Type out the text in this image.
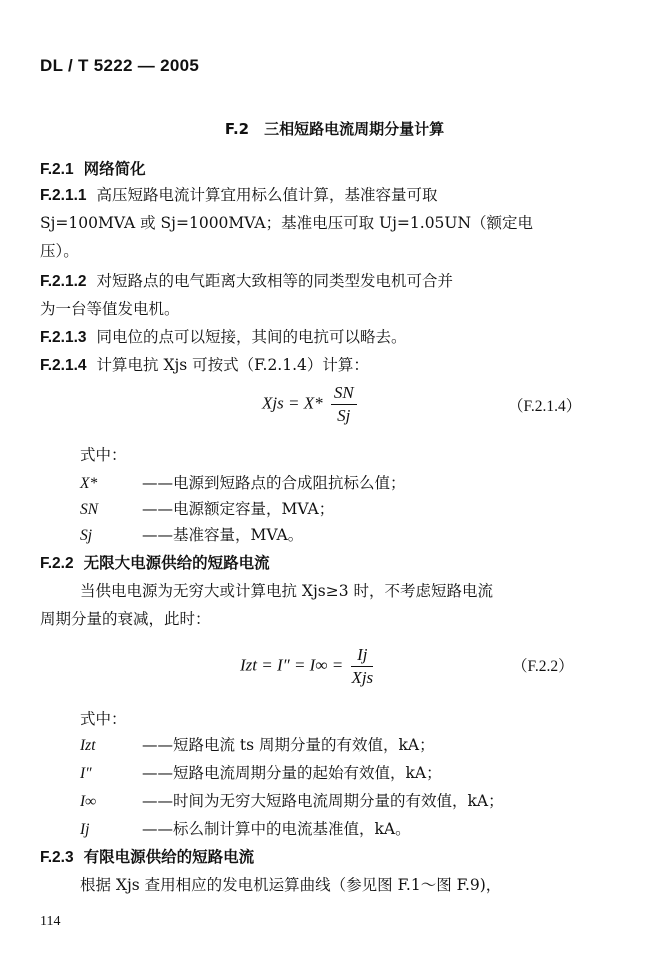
DL / T 5222 — 2005
F.2　三相短路电流周期分量计算
F.2.1 网络简化
F.2.1.1 高压短路电流计算宜用标么值计算，基准容量可取
Sj=100MVA 或 Sj=1000MVA；基准电压可取 Uj=1.05UN（额定电
压）。
F.2.1.2 对短路点的电气距离大致相等的同类型发电机可合并
为一台等值发电机。
F.2.1.3 同电位的点可以短接，其间的电抗可以略去。
F.2.1.4 计算电抗 Xjs 可按式（F.2.1.4）计算：
Xjs = $X* \frac{SN}{Sj}$	（F.2.1.4）
式中：
X*	——电源到短路点的合成阻抗标么值；
SN	——电源额定容量，MVA；
Sj	——基准容量，MVA。
F.2.2 无限大电源供给的短路电流
当供电电源为无穷大或计算电抗 Xjs≥3 时，不考虑短路电流
周期分量的衰减，此时：
Izt = $I'' = I\infty = \frac{Ij}{\text{Xjs}}$	（F.2.2）
式中：
Izt	——短路电流 ts 周期分量的有效值，kA；
I″	——短路电流周期分量的起始有效值，kA；
I∞	——时间为无穷大短路电流周期分量的有效值，kA；
Ij	——标么制计算中的电流基准值，kA。
F.2.3 有限电源供给的短路电流
根据 Xjs 查用相应的发电机运算曲线（参见图 F.1～图 F.9)，
114
